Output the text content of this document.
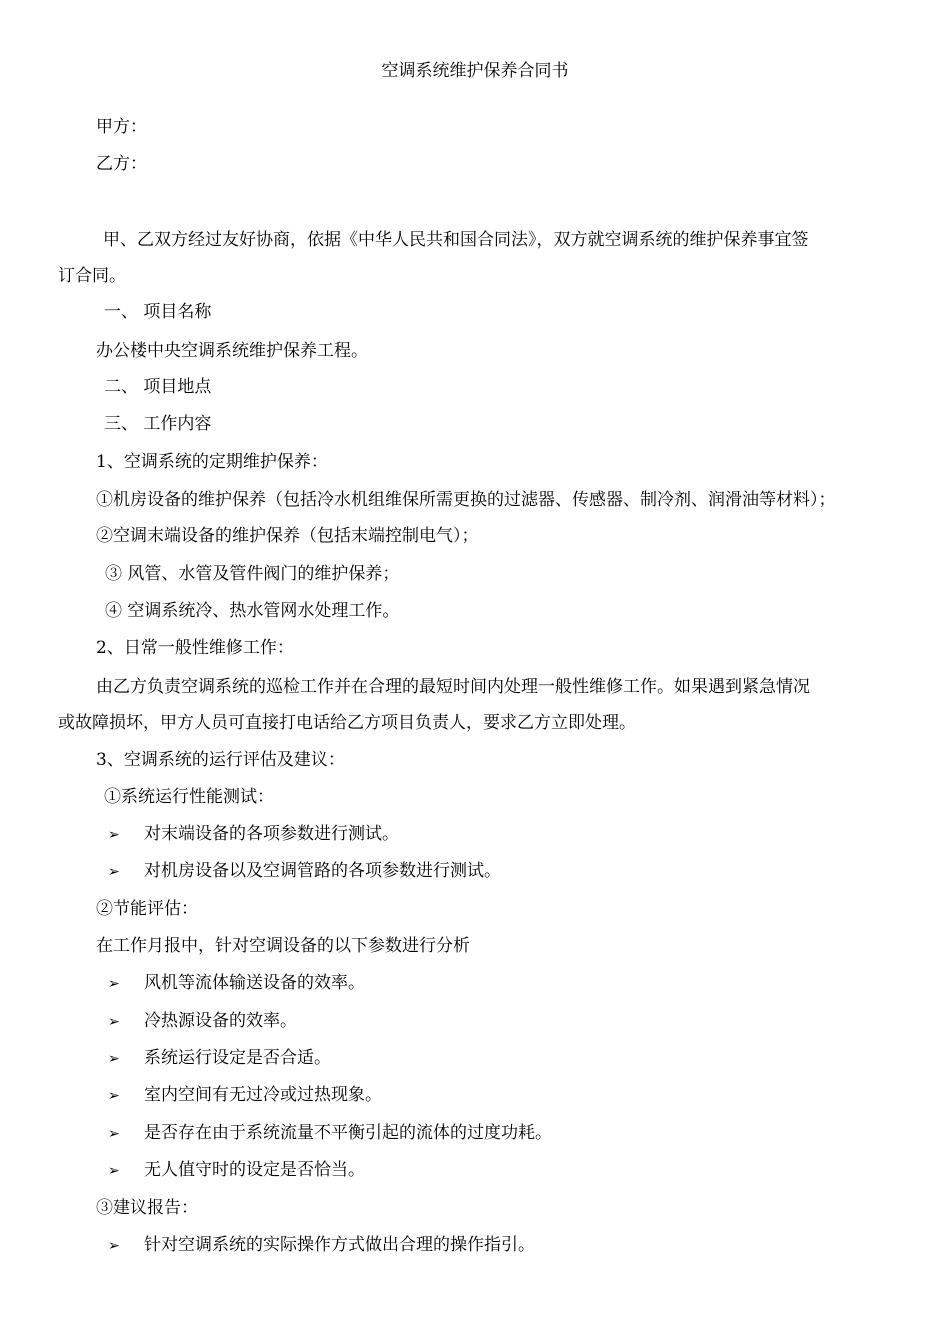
空调系统维护保养合同书
甲方：
乙方：
甲、乙双方经过友好协商，依据《中华人民共和国合同法》，双方就空调系统的维护保养事宜签
订合同。
一、 项目名称
办公楼中央空调系统维护保养工程。
二、 项目地点
三、 工作内容
1、空调系统的定期维护保养：
①机房设备的维护保养（包括冷水机组维保所需更换的过滤器、传感器、制冷剂、润滑油等材料）；
②空调末端设备的维护保养（包括末端控制电气）；
③ 风管、水管及管件阀门的维护保养；
④ 空调系统冷、热水管网水处理工作。
2、日常一般性维修工作：
由乙方负责空调系统的巡检工作并在合理的最短时间内处理一般性维修工作。如果遇到紧急情况
或故障损坏，甲方人员可直接打电话给乙方项目负责人，要求乙方立即处理。
3、空调系统的运行评估及建议：
①系统运行性能测试：
➢ 对末端设备的各项参数进行测试。
➢ 对机房设备以及空调管路的各项参数进行测试。
②节能评估：
在工作月报中，针对空调设备的以下参数进行分析
➢ 风机等流体输送设备的效率。
➢ 冷热源设备的效率。
➢ 系统运行设定是否合适。
➢ 室内空间有无过冷或过热现象。
➢ 是否存在由于系统流量不平衡引起的流体的过度功耗。
➢ 无人值守时的设定是否恰当。
③建议报告：
➢ 针对空调系统的实际操作方式做出合理的操作指引。
